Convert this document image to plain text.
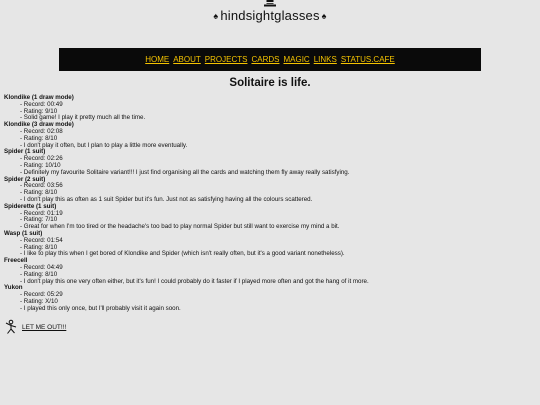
♠ hindsightglasses ♠
HOME ABOUT PROJECTS CARDS MAGIC LINKS STATUS.CAFE
Solitaire is life.
Klondike (1 draw mode)
- Record: 00:49
- Rating: 9/10
- Solid game! I play it pretty much all the time.
Klondike (3 draw mode)
- Record: 02:08
- Rating: 8/10
- I don't play it often, but I plan to play a little more eventually.
Spider (1 suit)
- Record: 02:26
- Rating: 10/10
- Definitely my favourite Solitaire variant!!! I just find organising all the cards and watching them fly away really satisfying.
Spider (2 suit)
- Record: 03:56
- Rating: 8/10
- I don't play this as often as 1 suit Spider but it's fun. Just not as satisfying having all the colours scattered.
Spiderette (1 suit)
- Record: 01:19
- Rating: 7/10
- Great for when I'm too tired or the headache's too bad to play normal Spider but still want to exercise my mind a bit.
Wasp (1 suit)
- Record: 01:54
- Rating: 8/10
- I like to play this when I get bored of Klondike and Spider (which isn't really often, but it's a good variant nonetheless).
Freecell
- Record: 04:49
- Rating: 8/10
- I don't play this one very often either, but it's fun! I could probably do it faster if I played more often and got the hang of it more.
Yukon
- Record: 05:29
- Rating: X/10
- I played this only once, but I'll probably visit it again soon.
LET ME OUT!!!
